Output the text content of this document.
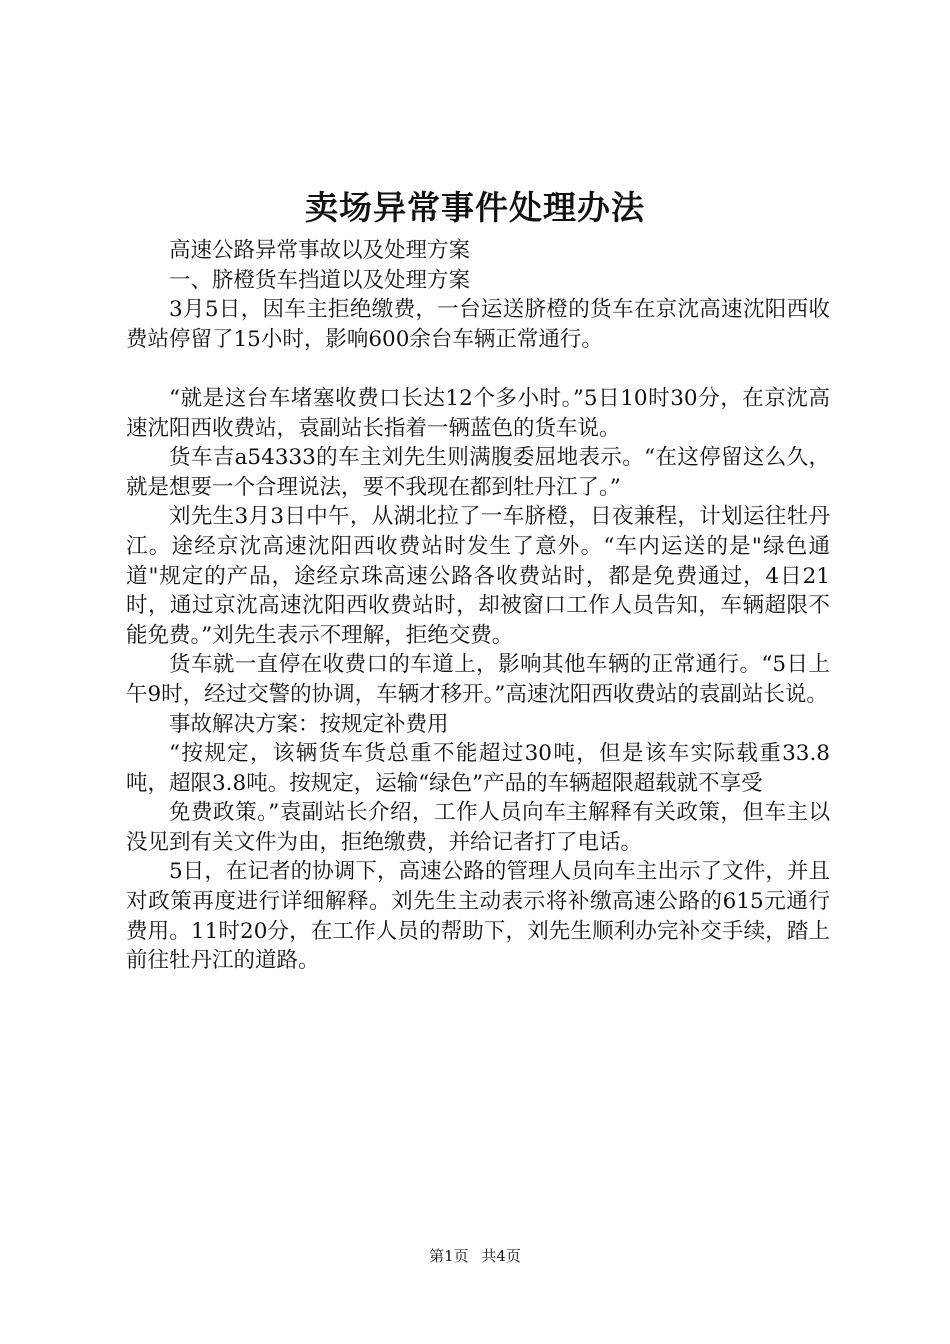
卖场异常事件处理办法

高速公路异常事故以及处理方案

一、脐橙货车挡道以及处理方案

3月5日，因车主拒绝缴费，一台运送脐橙的货车在京沈高速沈阳西收费站停留了15小时，影响600余台车辆正常通行。

“就是这台车堵塞收费口长达12个多小时。”5日10时30分，在京沈高速沈阳西收费站，袁副站长指着一辆蓝色的货车说。

货车吉a54333的车主刘先生则满腹委屈地表示。“在这停留这么久，就是想要一个合理说法，要不我现在都到牡丹江了。”

刘先生3月3日中午，从湖北拉了一车脐橙，日夜兼程，计划运往牡丹江。途经京沈高速沈阳西收费站时发生了意外。“车内运送的是"绿色通道"规定的产品，途经京珠高速公路各收费站时，都是免费通过，4日21时，通过京沈高速沈阳西收费站时，却被窗口工作人员告知，车辆超限不能免费。”刘先生表示不理解，拒绝交费。

货车就一直停在收费口的车道上，影响其他车辆的正常通行。“5日上午9时，经过交警的协调，车辆才移开。”高速沈阳西收费站的袁副站长说。

事故解决方案：按规定补费用

“按规定，该辆货车货总重不能超过30吨，但是该车实际载重33.8吨，超限3.8吨。按规定，运输“绿色”产品的车辆超限超载就不享受

免费政策。”袁副站长介绍，工作人员向车主解释有关政策，但车主以没见到有关文件为由，拒绝缴费，并给记者打了电话。

5日，在记者的协调下，高速公路的管理人员向车主出示了文件，并且对政策再度进行详细解释。刘先生主动表示将补缴高速公路的615元通行费用。11时20分，在工作人员的帮助下，刘先生顺利办完补交手续，踏上前往牡丹江的道路。

第1页 共4页
